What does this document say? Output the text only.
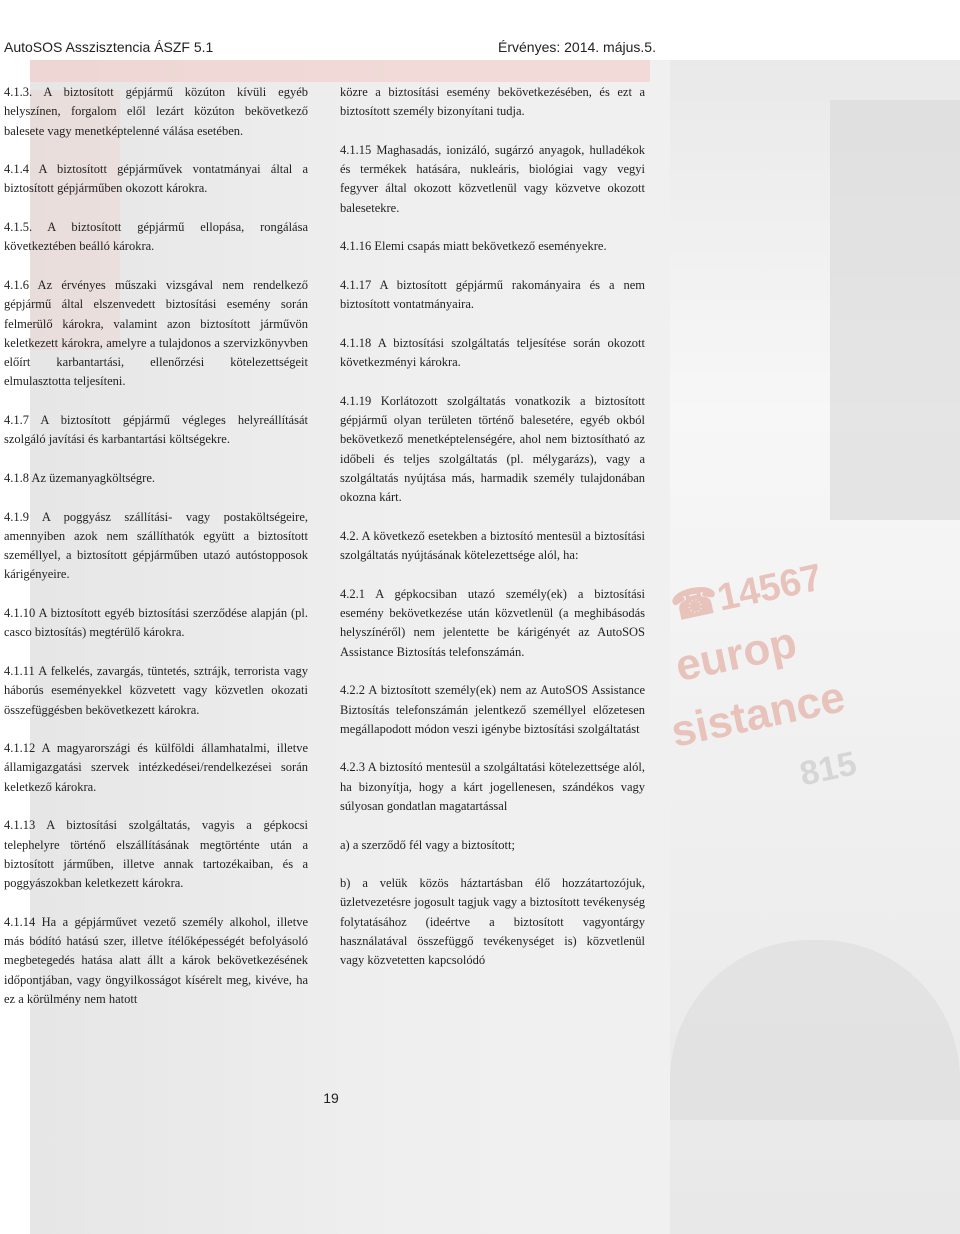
☎14567
europ
sistance
815
AutoSOS Asszisztencia ÁSZF 5.1	Érvényes: 2014. május.5.

4.1.3. A biztosított gépjármű közúton kívüli egyéb helyszínen, forgalom elől lezárt közúton bekövetkező balesete vagy menetképtelenné válása esetében.

4.1.4 A biztosított gépjárművek vontatmányai által a biztosított gépjárműben okozott károkra.

4.1.5. A biztosított gépjármű ellopása, rongálása következtében beálló károkra.

4.1.6 Az érvényes műszaki vizsgával nem rendelkező gépjármű által elszenvedett biztosítási esemény során felmerülő károkra, valamint azon biztosított járművön keletkezett károkra, amelyre a tulajdonos a szervizkönyvben előírt karbantartási, ellenőrzési kötelezettségeit elmulasztotta teljesíteni.

4.1.7 A biztosított gépjármű végleges helyreállítását szolgáló javítási és karbantartási költségekre.

4.1.8 Az üzemanyagköltségre.

4.1.9 A poggyász szállítási- vagy postaköltségeire, amennyiben azok nem szállíthatók együtt a biztosított személlyel, a biztosított gépjárműben utazó autóstopposok kárigényeire.

4.1.10 A biztosított egyéb biztosítási szerződése alapján (pl. casco biztosítás) megtérülő károkra.

4.1.11 A felkelés, zavargás, tüntetés, sztrájk, terrorista vagy háborús eseményekkel közvetett vagy közvetlen okozati összefüggésben bekövetkezett károkra.

4.1.12 A magyarországi és külföldi államhatalmi, illetve államigazgatási szervek intézkedései/rendelkezései során keletkező károkra.

4.1.13 A biztosítási szolgáltatás, vagyis a gépkocsi telephelyre történő elszállításának megtörténte után a biztosított járműben, illetve annak tartozékaiban, és a poggyászokban keletkezett károkra.

4.1.14 Ha a gépjárművet vezető személy alkohol, illetve más bódító hatású szer, illetve ítélőképességét befolyásoló megbetegedés hatása alatt állt a károk bekövetkezésének időpontjában, vagy öngyilkosságot kísérelt meg, kivéve, ha ez a körülmény nem hatott

közre a biztosítási esemény bekövetkezésében, és ezt a biztosított személy bizonyítani tudja.

4.1.15 Maghasadás, ionizáló, sugárzó anyagok, hulladékok és termékek hatására, nukleáris, biológiai vagy vegyi fegyver által okozott közvetlenül vagy közvetve okozott balesetekre.

4.1.16 Elemi csapás miatt bekövetkező eseményekre.

4.1.17 A biztosított gépjármű rakományaira és a nem biztosított vontatmányaira.

4.1.18 A biztosítási szolgáltatás teljesítése során okozott következményi károkra.

4.1.19 Korlátozott szolgáltatás vonatkozik a biztosított gépjármű olyan területen történő balesetére, egyéb okból bekövetkező menetképtelenségére, ahol nem biztosítható az időbeli és teljes szolgáltatás (pl. mélygarázs), vagy a szolgáltatás nyújtása más, harmadik személy tulajdonában okozna kárt.

4.2. A következő esetekben a biztosító mentesül a biztosítási szolgáltatás nyújtásának kötelezettsége alól, ha:

4.2.1 A gépkocsiban utazó személy(ek) a biztosítási esemény bekövetkezése után közvetlenül (a meghibásodás helyszínéről) nem jelentette be kárigényét az AutoSOS Assistance Biztosítás telefonszámán.

4.2.2 A biztosított személy(ek) nem az AutoSOS Assistance Biztosítás telefonszámán jelentkező személlyel előzetesen megállapodott módon veszi igénybe biztosítási szolgáltatást

4.2.3 A biztosító mentesül a szolgáltatási kötelezettsége alól, ha bizonyítja, hogy a kárt jogellenesen, szándékos vagy súlyosan gondatlan magatartással

a) a szerződő fél vagy a biztosított;

b) a velük közös háztartásban élő hozzátartozójuk, üzletvezetésre jogosult tagjuk vagy a biztosított tevékenység folytatásához (ideértve a biztosított vagyontárgy használatával összefüggő tevékenységet is) közvetlenül vagy közvetetten kapcsolódó

19
